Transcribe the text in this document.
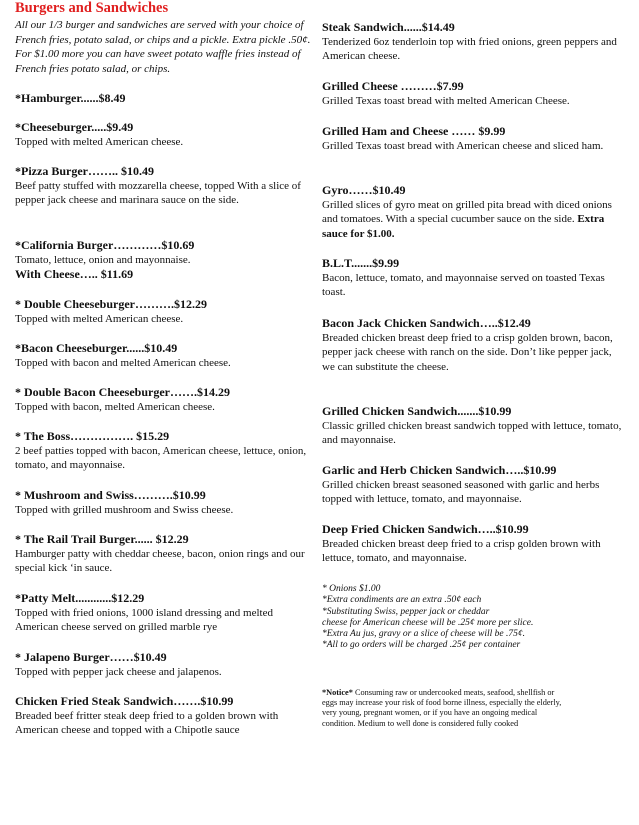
Burgers and Sandwiches
All our 1/3 burger and sandwiches are served with your choice of French fries, potato salad, or chips and a pickle. Extra pickle .50¢. For $1.00 more you can have sweet potato waffle fries instead of French fries potato salad, or chips.
*Hamburger......$8.49
*Cheeseburger.....$9.49
Topped with melted American cheese.
*Pizza Burger…….. $10.49
Beef patty stuffed with mozzarella cheese, topped With a slice of pepper jack cheese and marinara sauce on the side.
*California Burger…………$10.69
Tomato, lettuce, onion and mayonnaise.
With Cheese….. $11.69
* Double Cheeseburger……….$12.29
Topped with melted American cheese.
*Bacon Cheeseburger......$10.49
Topped with bacon and melted American cheese.
* Double Bacon Cheeseburger…….$14.29
Topped with bacon, melted American cheese.
* The Boss……………. $15.29
2 beef patties topped with bacon, American cheese, lettuce, onion, tomato, and mayonnaise.
* Mushroom and Swiss……….$10.99
Topped with grilled mushroom and Swiss cheese.
* The Rail Trail Burger...... $12.29
Hamburger patty with cheddar cheese, bacon, onion rings and our special kick ‘in sauce.
*Patty Melt............$12.29
Topped with fried onions, 1000 island dressing and melted American cheese served on grilled marble rye
* Jalapeno Burger……$10.49
Topped with pepper jack cheese and jalapenos.
Chicken Fried Steak Sandwich…….$10.99
Breaded beef fritter steak deep fried to a golden brown with American cheese and topped with a Chipotle sauce
Steak Sandwich......$14.49
Tenderized 6oz tenderloin top with fried onions, green peppers and American cheese.
Grilled Cheese ………$7.99
Grilled Texas toast bread with melted American Cheese.
Grilled Ham and Cheese …… $9.99
Grilled Texas toast bread with American cheese and sliced ham.
Gyro……$10.49
Grilled slices of gyro meat on grilled pita bread with diced onions and tomatoes. With a special cucumber sauce on the side. Extra sauce for $1.00.
B.L.T.......$9.99
Bacon, lettuce, tomato, and mayonnaise served on toasted Texas toast.
Bacon Jack Chicken Sandwich…..$12.49
Breaded chicken breast deep fried to a crisp golden brown, bacon, pepper jack cheese with ranch on the side. Don’t like pepper jack, we can substitute the cheese.
Grilled Chicken Sandwich.......$10.99
Classic grilled chicken breast sandwich topped with lettuce, tomato, and mayonnaise.
Garlic and Herb Chicken Sandwich…..$10.99
Grilled chicken breast seasoned seasoned with garlic and herbs topped with lettuce, tomato, and mayonnaise.
Deep Fried Chicken Sandwich…..$10.99
Breaded chicken breast deep fried to a crisp golden brown with lettuce, tomato, and mayonnaise.
* Onions $1.00
*Extra condiments are an extra .50¢ each
*Substituting Swiss, pepper jack or cheddar
cheese for American cheese will be .25¢ more per slice.
*Extra Au jus, gravy or a slice of cheese will be .75¢.
*All to go orders will be charged .25¢ per container
*Notice* Consuming raw or undercooked meats, seafood, shellfish or eggs may increase your risk of food borne illness, especially the elderly, very young, pregnant women, or if you have an ongoing medical condition. Medium to well done is considered fully cooked
